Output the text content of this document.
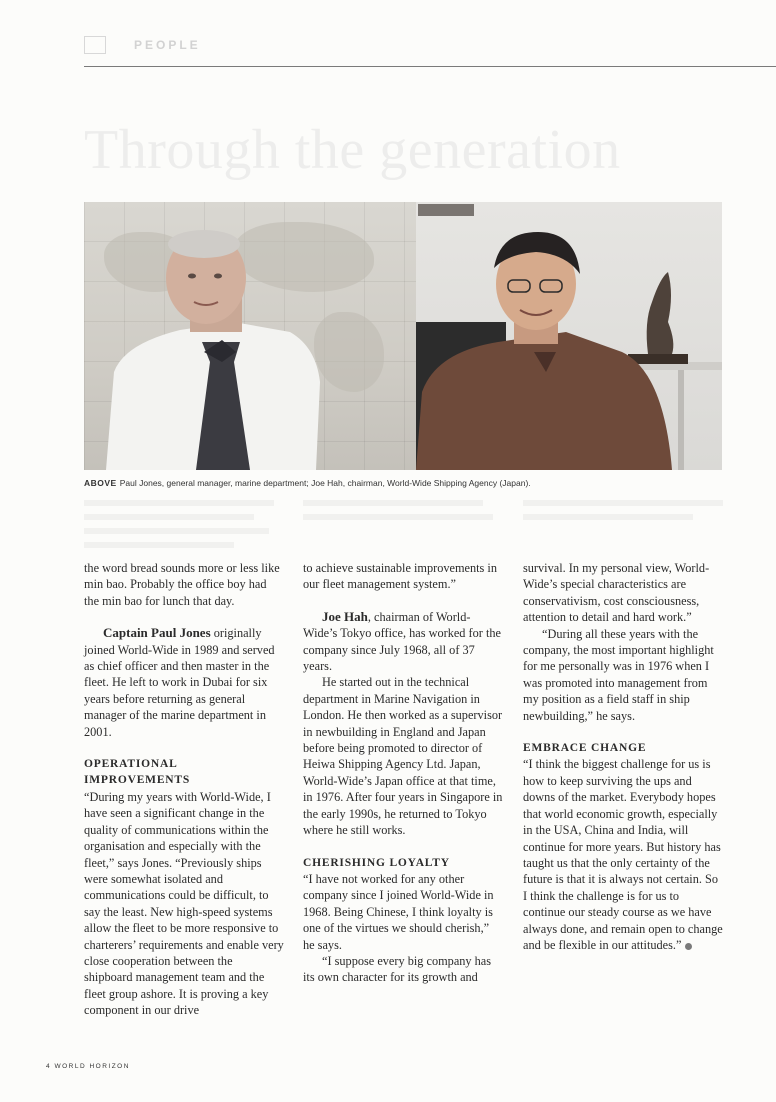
PEOPLE
Through the generation
ABOVE Paul Jones, general manager, marine department; Joe Hah, chairman, World-Wide Shipping Agency (Japan).

the word bread sounds more or less like min bao. Probably the office boy had the min bao for lunch that day.

Captain Paul Jones originally joined World-Wide in 1989 and served as chief officer and then master in the fleet. He left to work in Dubai for six years before returning as general manager of the marine department in 2001.

OPERATIONAL IMPROVEMENTS

“During my years with World-Wide, I have seen a significant change in the quality of communications within the organisation and especially with the fleet,” says Jones. “Previously ships were somewhat isolated and communications could be difficult, to say the least. New high-speed systems allow the fleet to be more responsive to charterers’ requirements and enable very close cooperation between the shipboard management team and the fleet group ashore. It is proving a key component in our drive

to achieve sustainable improvements in our fleet management system.”

Joe Hah, chairman of World-Wide’s Tokyo office, has worked for the company since July 1968, all of 37 years.

He started out in the technical department in Marine Navigation in London. He then worked as a supervisor in newbuilding in England and Japan before being promoted to director of Heiwa Shipping Agency Ltd. Japan, World-Wide’s Japan office at that time, in 1976. After four years in Singapore in the early 1990s, he returned to Tokyo where he still works.

CHERISHING LOYALTY

“I have not worked for any other company since I joined World-Wide in 1968. Being Chinese, I think loyalty is one of the virtues we should cherish,” he says.

“I suppose every big company has its own character for its growth and

survival. In my personal view, World-Wide’s special characteristics are conservativism, cost consciousness, attention to detail and hard work.”

“During all these years with the company, the most important highlight for me personally was in 1976 when I was promoted into management from my position as a field staff in ship newbuilding,” he says.

EMBRACE CHANGE

“I think the biggest challenge for us is how to keep surviving the ups and downs of the market. Everybody hopes that world economic growth, especially in the USA, China and India, will continue for more years. But history has taught us that the only certainty of the future is that it is always not certain. So I think the challenge is for us to continue our steady course as we have always done, and remain open to change and be flexible in our attitudes.”

4 WORLD HORIZON
